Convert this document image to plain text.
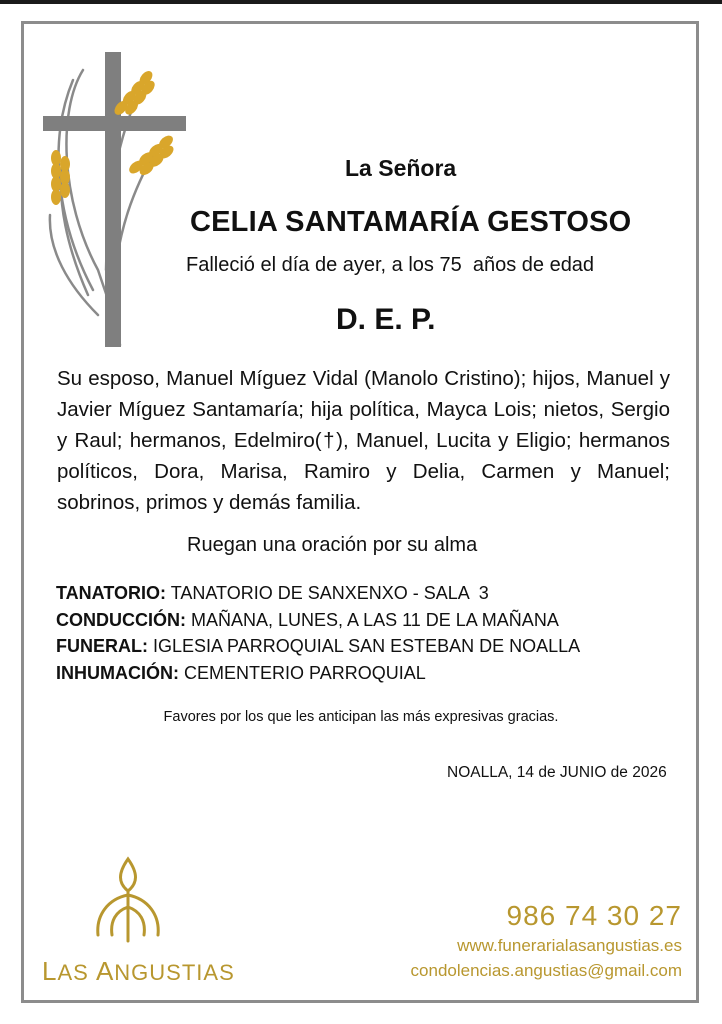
La Señora
CELIA SANTAMARÍA GESTOSO
Falleció el día de ayer, a los 75  años de edad
D. E. P.
Su esposo, Manuel Míguez Vidal (Manolo Cristino); hijos, Manuel y Javier Míguez Santamaría; hija política, Mayca Lois; nietos, Sergio y Raul; hermanos, Edelmiro(†), Manuel, Lucita y Eligio; hermanos políticos, Dora, Marisa, Ramiro y Delia, Carmen y Manuel; sobrinos, primos y demás familia.
Ruegan una oración por su alma
TANATORIO: TANATORIO DE SANXENXO - SALA  3
CONDUCCIÓN: MAÑANA, LUNES, A LAS 11 DE LA MAÑANA
FUNERAL: IGLESIA PARROQUIAL SAN ESTEBAN DE NOALLA
INHUMACIÓN: CEMENTERIO PARROQUIAL
Favores por los que les anticipan las más expresivas gracias.
NOALLA, 14 de JUNIO de 2026
LAS ANGUSTIAS
986 74 30 27
www.funerarialasangustias.es
condolencias.angustias@gmail.com
